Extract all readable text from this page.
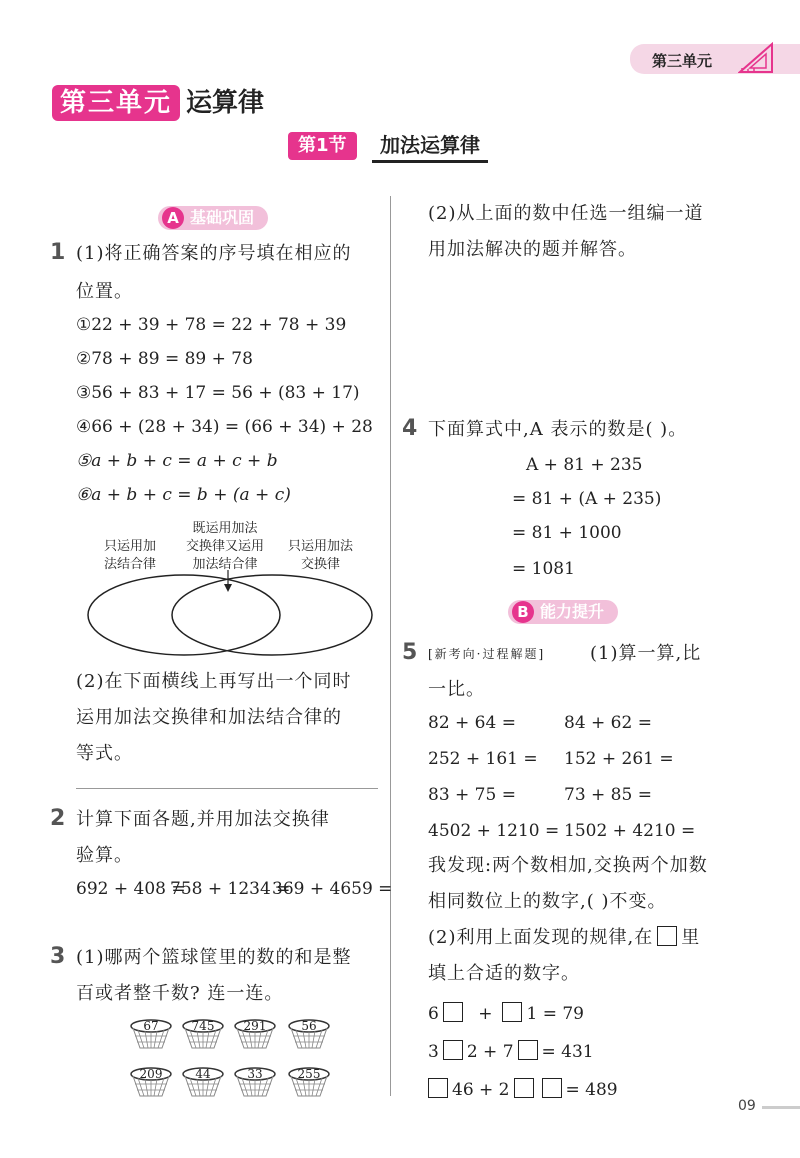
第三单元
第三单元 运算律
第1节	加法运算律
A 基础巩固
1 (1)将正确答案的序号填在相应的
位置。
①22 + 39 + 78 = 22 + 78 + 39
②78 + 89 = 89 + 78
③56 + 83 + 17 = 56 + (83 + 17)
④66 + (28 + 34) = (66 + 34) + 28
⑤a + b + c = a + c + b
⑥a + b + c = b + (a + c)
只运用加
法结合律
既运用加法
交换律又运用
加法结合律
只运用加法
交换律
(2)在下面横线上再写出一个同时
运用加法交换律和加法结合律的
等式。
2 计算下面各题,并用加法交换律
验算。
692 + 408 =
758 + 1234 =
369 + 4659 =
3 (1)哪两个篮球筐里的数的和是整
百或者整千数? 连一连。
67	745	291	56
209	44	33	255
(2)从上面的数中任选一组编一道
用加法解决的题并解答。
4 下面算式中,A 表示的数是( )。
A + 81 + 235
= 81 + (A + 235)
= 81 + 1000
= 1081
B 能力提升
5 [新考向·过程解题] (1)算一算,比
一比。
82 + 64 =	84 + 62 =
252 + 161 = 152 + 261 =
83 + 75 =	73 + 85 =
4502 + 1210 = 1502 + 4210 =
我发现:两个数相加,交换两个加数
相同数位上的数字,( )不变。
(2)利用上面发现的规律,在 里
填上合适的数字。
6 + 1 = 79
3 2 + 7 = 431
46 + 2	= 489
09
